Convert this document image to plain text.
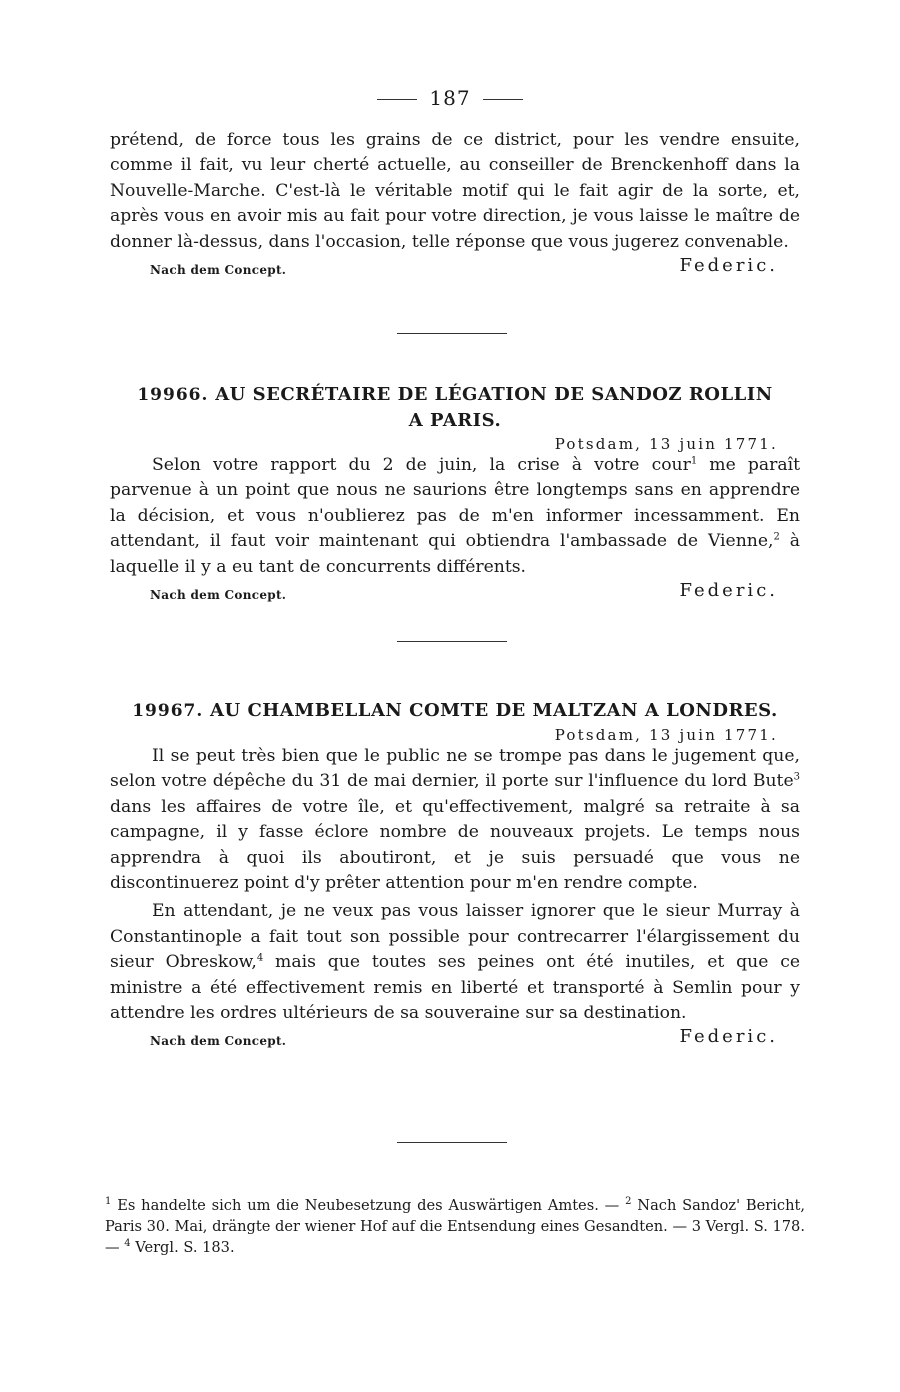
187

prétend, de force tous les grains de ce district, pour les vendre ensuite, comme il fait, vu leur cherté actuelle, au conseiller de Brenckenhoff dans la Nouvelle-Marche. C'est-là le véritable motif qui le fait agir de la sorte, et, après vous en avoir mis au fait pour votre direction, je vous laisse le maître de donner là-dessus, dans l'occasion, telle réponse que vous jugerez convenable.

Nach dem Concept.	Federic.
19966. AU SECRÉTAIRE DE LÉGATION DE SANDOZ ROLLIN
A PARIS.

Potsdam, 13 juin 1771.

Selon votre rapport du 2 de juin, la crise à votre cour$^1$ me paraît parvenue à un point que nous ne saurions être longtemps sans en apprendre la décision, et vous n'oublierez pas de m'en informer incessamment. En attendant, il faut voir maintenant qui obtiendra l'ambassade de Vienne,$^2$ à laquelle il y a eu tant de concurrents différents.

Nach dem Concept.	Federic.
19967. AU CHAMBELLAN COMTE DE MALTZAN A LONDRES.

Potsdam, 13 juin 1771.

Il se peut très bien que le public ne se trompe pas dans le jugement que, selon votre dépêche du 31 de mai dernier, il porte sur l'influence du lord Bute$^3$ dans les affaires de votre île, et qu'effectivement, malgré sa retraite à sa campagne, il y fasse éclore nombre de nouveaux projets. Le temps nous apprendra à quoi ils aboutiront, et je suis persuadé que vous ne discontinuerez point d'y prêter attention pour m'en rendre compte.

En attendant, je ne veux pas vous laisser ignorer que le sieur Murray à Constantinople a fait tout son possible pour contrecarrer l'élargissement du sieur Obreskow,$^4$ mais que toutes ses peines ont été inutiles, et que ce ministre a été effectivement remis en liberté et transporté à Semlin pour y attendre les ordres ultérieurs de sa souveraine sur sa destination.

Nach dem Concept.	Federic.

$^1$ Es handelte sich um die Neubesetzung des Auswärtigen Amtes. — $^2$ Nach Sandoz' Bericht, Paris 30. Mai, drängte der wiener Hof auf die Entsendung eines Gesandten. — 3 Vergl. S. 178. — $^4$ Vergl. S. 183.
